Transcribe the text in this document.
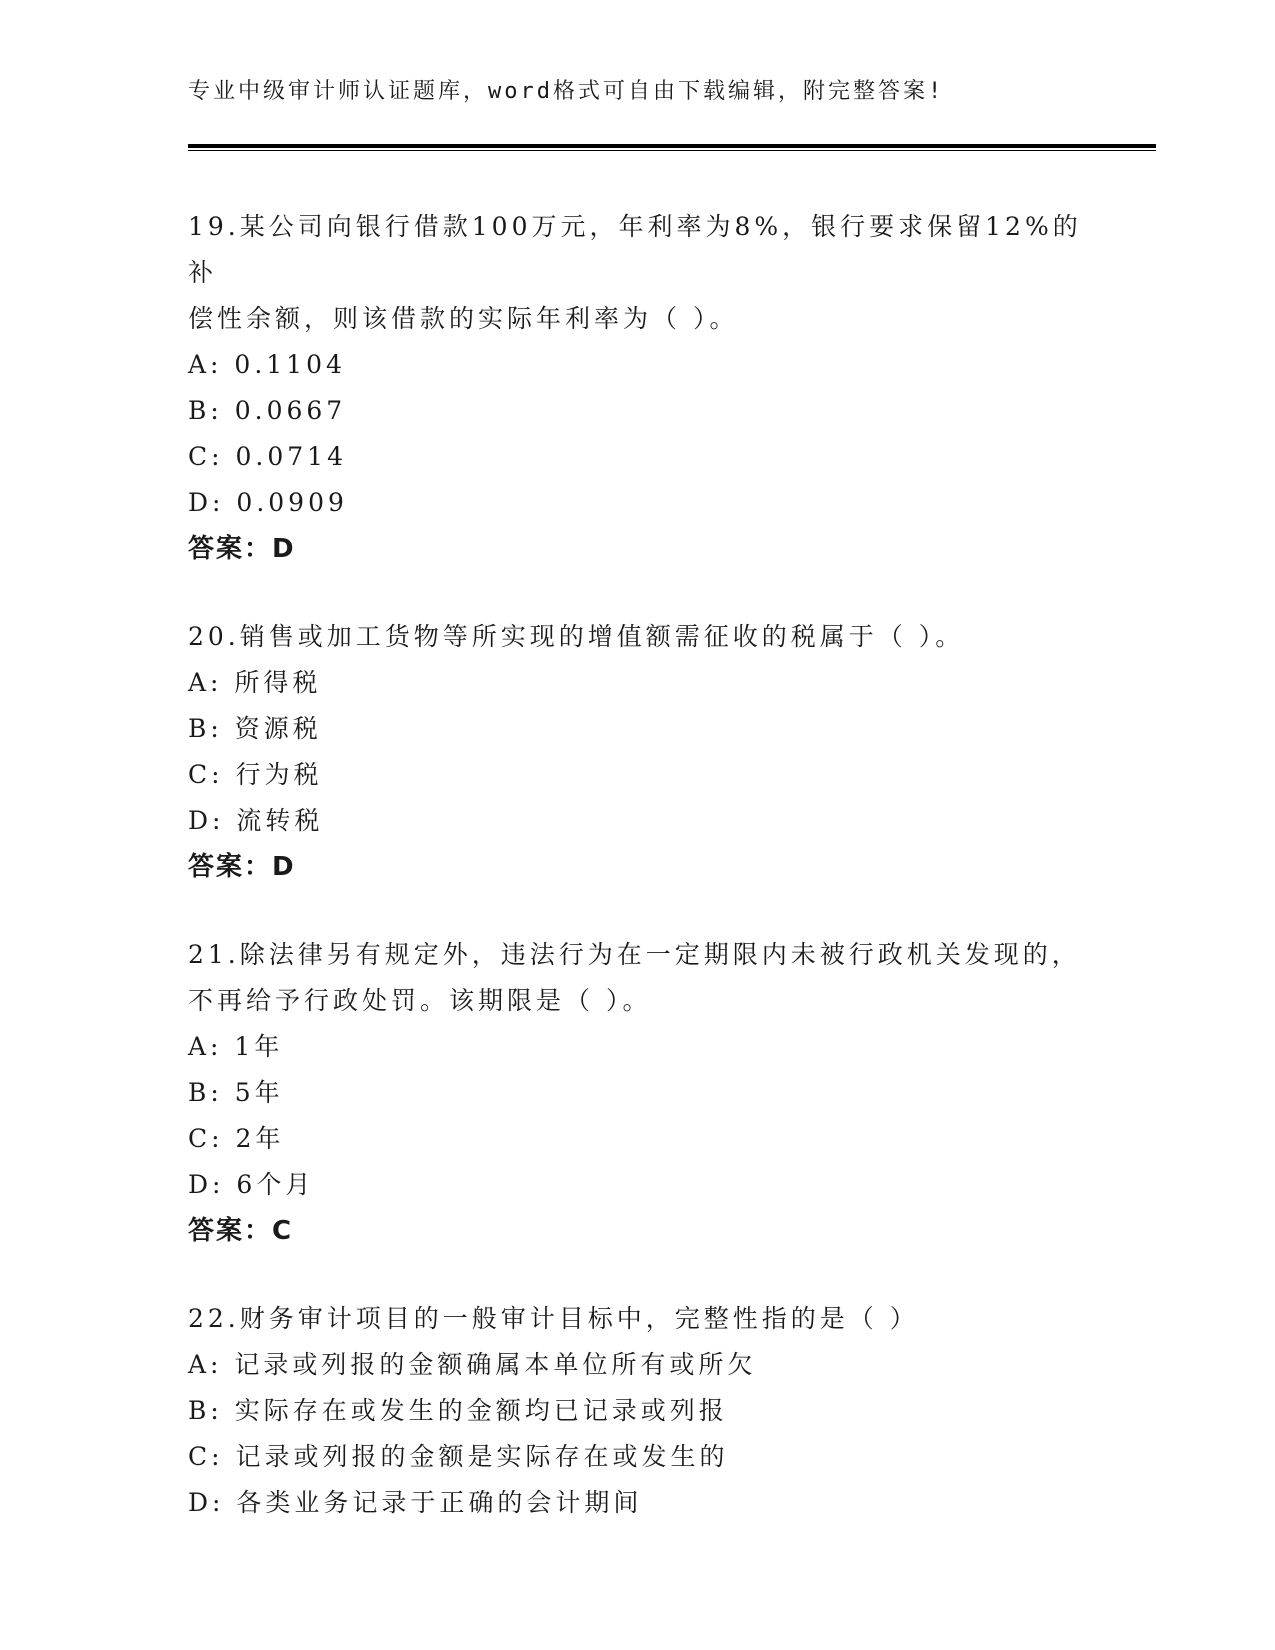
专业中级审计师认证题库，word格式可自由下载编辑，附完整答案!

19.某公司向银行借款100万元，年利率为8%，银行要求保留12%的补

偿性余额，则该借款的实际年利率为（ ）。

A: 0.1104

B: 0.0667

C: 0.0714

D: 0.0909

答案：D

20.销售或加工货物等所实现的增值额需征收的税属于（ ）。

A: 所得税

B: 资源税

C: 行为税

D: 流转税

答案：D

21.除法律另有规定外，违法行为在一定期限内未被行政机关发现的，

不再给予行政处罚。该期限是（ ）。

A: 1年

B: 5年

C: 2年

D: 6个月

答案：C

22.财务审计项目的一般审计目标中，完整性指的是（ ）

A: 记录或列报的金额确属本单位所有或所欠

B: 实际存在或发生的金额均已记录或列报

C: 记录或列报的金额是实际存在或发生的

D: 各类业务记录于正确的会计期间
